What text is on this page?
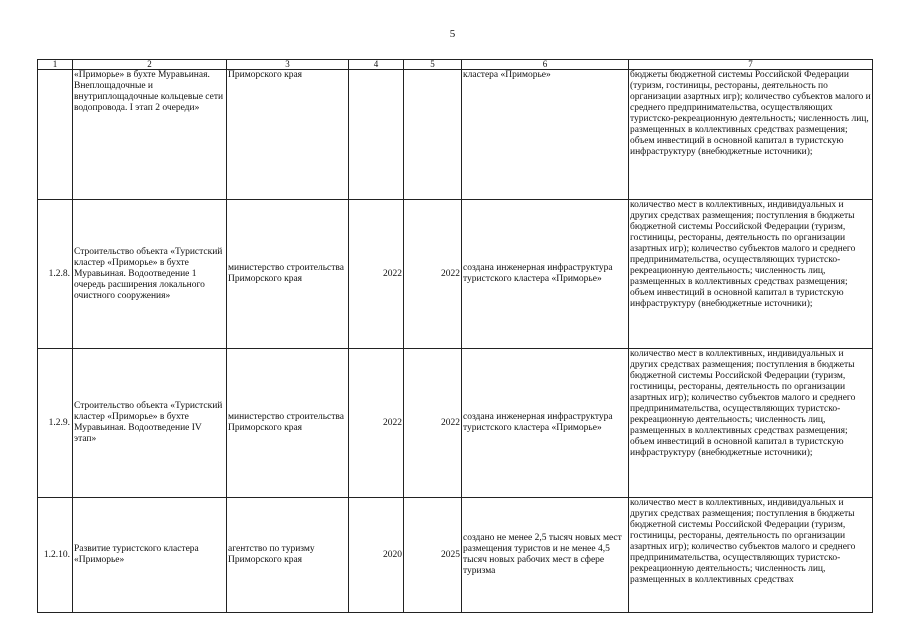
5
1	2	3	4	5	6	7
	«Приморье» в бухте Муравьиная. Внеплощадочные и внутриплощадочные кольцевые сети водопровода. I этап 2 очереди»	Приморского края			кластера «Приморье»	бюджеты бюджетной системы Российской Федерации (туризм, гостиницы, рестораны, деятельность по организации азартных игр); количество субъектов малого и среднего предпринимательства, осуществляющих туристско-рекреационную деятельность; численность лиц, размещенных в коллективных средствах размещения; объем инвестиций в основной капитал в туристскую инфраструктуру (внебюджетные источники);
1.2.8.	Строительство объекта «Туристский кластер «Приморье» в бухте Муравьиная. Водоотведение 1 очередь расширения локального очистного сооружения»	министерство строительства Приморского края	2022	2022	создана инженерная инфраструктура туристского кластера «Приморье»	количество мест в коллективных, индивидуальных и других средствах размещения; поступления в бюджеты бюджетной системы Российской Федерации (туризм, гостиницы, рестораны, деятельность по организации азартных игр); количество субъектов малого и среднего предпринимательства, осуществляющих туристско-рекреационную деятельность; численность лиц, размещенных в коллективных средствах размещения; объем инвестиций в основной капитал в туристскую инфраструктуру (внебюджетные источники);
1.2.9.	Строительство объекта «Туристский кластер «Приморье» в бухте Муравьиная. Водоотведение IV этап»	министерство строительства Приморского края	2022	2022	создана инженерная инфраструктура туристского кластера «Приморье»	количество мест в коллективных, индивидуальных и других средствах размещения; поступления в бюджеты бюджетной системы Российской Федерации (туризм, гостиницы, рестораны, деятельность по организации азартных игр); количество субъектов малого и среднего предпринимательства, осуществляющих туристско-рекреационную деятельность; численность лиц, размещенных в коллективных средствах размещения; объем инвестиций в основной капитал в туристскую инфраструктуру (внебюджетные источники);
1.2.10.	Развитие туристского кластера «Приморье»	агентство по туризму Приморского края	2020	2025	создано не менее 2,5 тысяч новых мест размещения туристов и не менее 4,5 тысяч новых рабочих мест в сфере туризма	количество мест в коллективных, индивидуальных и других средствах размещения; поступления в бюджеты бюджетной системы Российской Федерации (туризм, гостиницы, рестораны, деятельность по организации азартных игр); количество субъектов малого и среднего предпринимательства, осуществляющих туристско-рекреационную деятельность; численность лиц, размещенных в коллективных средствах
